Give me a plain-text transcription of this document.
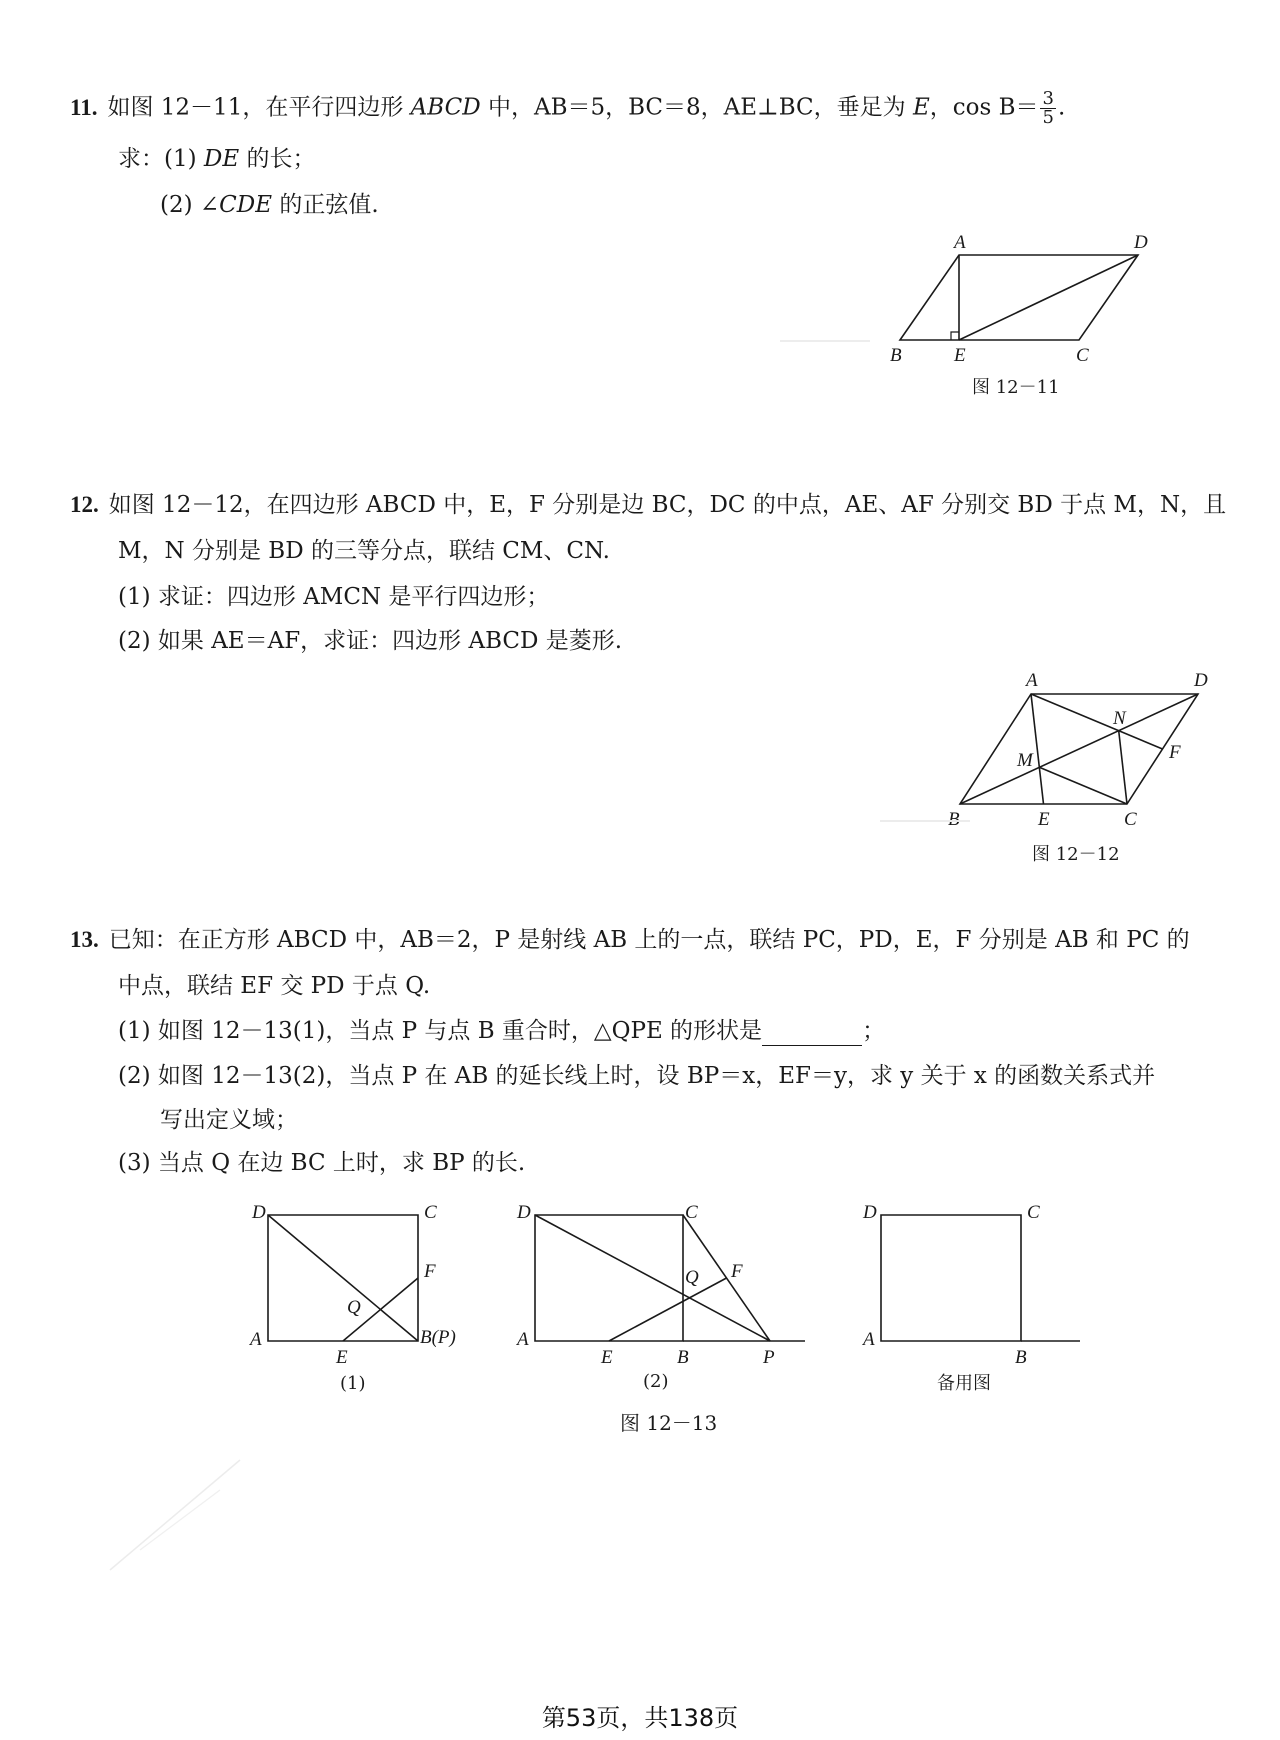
11. 如图 12－11，在平行四边形 ABCD 中，AB＝5，BC＝8，AE⊥BC，垂足为 E，$\cos B= \frac{3}{5}$ .
求：(1) DE 的长；
(2) ∠CDE 的正弦值.
A	D
B	E	C
图 12－11
12. 如图 12－12，在四边形 ABCD 中，E，F 分别是边 BC，DC 的中点，AE、AF 分别交 BD 于点 M，N，且
M，N 分别是 BD 的三等分点，联结 CM、CN.
(1) 求证：四边形 AMCN 是平行四边形；
(2) 如果 AE＝AF，求证：四边形 ABCD 是菱形.
A	D
N
M	F
B	E	C
图 12－12
13. 已知：在正方形 ABCD 中，AB＝2，P 是射线 AB 上的一点，联结 PC，PD，E，F 分别是 AB 和 PC 的
中点，联结 EF 交 PD 于点 Q.
(1) 如图 12－13(1)，当点 P 与点 B 重合时，△QPE 的形状是	；
(2) 如图 12－13(2)，当点 P 在 AB 的延长线上时，设 BP＝x，EF＝y，求 y 关于 x 的函数关系式并
写出定义域；
(3) 当点 Q 在边 BC 上时，求 BP 的长.
D	C
F
Q
A
E
B(P)
(1)
D	C
F
Q
A
E	B	P
(2)
D	C
A
B
备用图
图 12－13
第53页，共138页
